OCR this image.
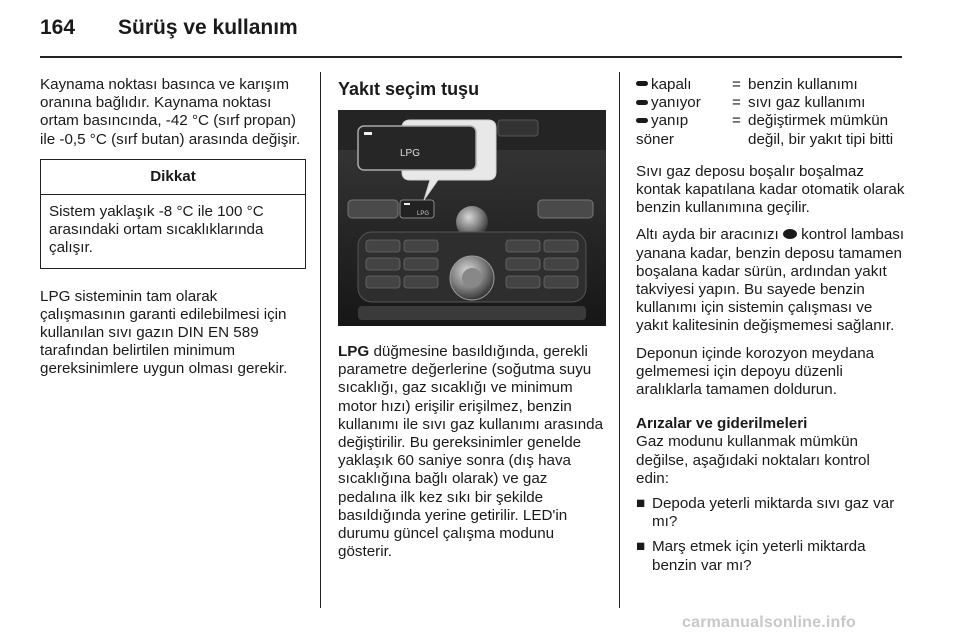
164 Sürüş ve kullanım

Kaynama noktası basınca ve karışım oranına bağlıdır. Kaynama noktası ortam basıncında, -42 °C (sırf propan) ile -0,5 °C (sırf butan) arasında değişir.

Dikkat
Sistem yaklaşık -8 °C ile 100 °C arasındaki ortam sıcaklıklarında çalışır.

LPG sisteminin tam olarak çalışmasının garanti edilebilmesi için kullanılan sıvı gazın DIN EN 589 tarafından belirtilen minimum gereksinimlere uygun olması gerekir.

Yakıt seçim tuşu

LPG
LPG

LPG düğmesine basıldığında, gerekli parametre değerlerine (soğutma suyu sıcaklığı, gaz sıcaklığı ve minimum motor hızı) erişilir erişilmez, benzin kullanımı ile sıvı gaz kullanımı arasında değiştirilir. Bu gereksinimler genelde yaklaşık 60 saniye sonra (dış hava sıcaklığına bağlı olarak) ve gaz pedalına ilk kez sıkı bir şekilde basıldığında yerine getirilir. LED'in durumu güncel çalışma modunu gösterir.

kapalı	= benzin kullanımı
yanıyor	= sıvı gaz kullanımı
yanıp söner
= değiştirmek mümkün değil, bir yakıt tipi bitti

Sıvı gaz deposu boşalır boşalmaz kontak kapatılana kadar otomatik olarak benzin kullanımına geçilir.

Altı ayda bir aracınızı  kontrol lambası yanana kadar, benzin deposu tamamen boşalana kadar sürün, ardından yakıt takviyesi yapın. Bu sayede benzin kullanımı için sistemin çalışması ve yakıt kalitesinin değişmemesi sağlanır.

Deponun içinde korozyon meydana gelmemesi için depoyu düzenli aralıklarla tamamen doldurun.

Arızalar ve giderilmeleri

Gaz modunu kullanmak mümkün değilse, aşağıdaki noktaları kontrol edin:

■ Depoda yeterli miktarda sıvı gaz var mı?
■ Marş etmek için yeterli miktarda benzin var mı?
carmanualsonline.info
